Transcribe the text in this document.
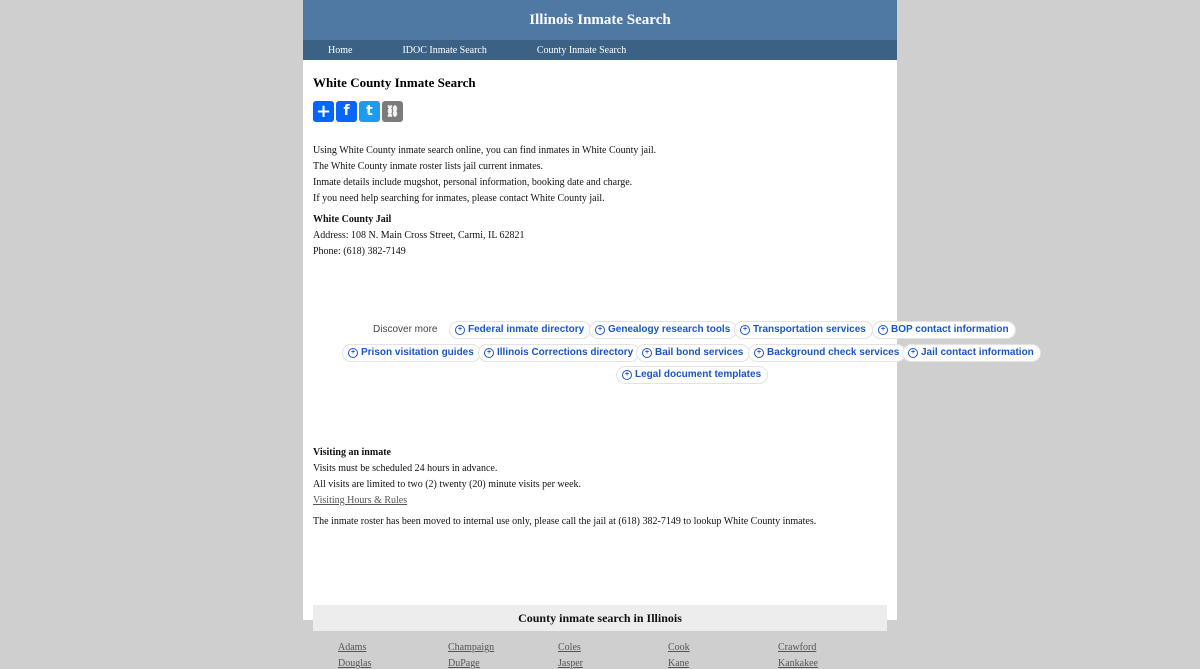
Illinois Inmate Search
Home	IDOC Inmate Search	County Inmate Search
White County Inmate Search
+ f	t	⛓
Using White County inmate search online, you can find inmates in White County jail.
The White County inmate roster lists jail current inmates.
Inmate details include mugshot, personal information, booking date and charge.
If you need help searching for inmates, please contact White County jail.
White County Jail
Address: 108 N. Main Cross Street, Carmi, IL 62821
Phone: (618) 382-7149
Visiting an inmate
Visits must be scheduled 24 hours in advance.
All visits are limited to two (2) twenty (20) minute visits per week.
Visiting Hours & Rules
The inmate roster has been moved to internal use only, please call the jail at (618) 382-7149 to lookup White County inmates.
County inmate search in Illinois
Adams	Champaign	Coles	Cook	Crawford
Douglas	DuPage	Jasper	Kane	Kankakee
Discover more	+ Federal inmate directory	+ Genealogy research tools	+ Transportation services	+ BOP contact information
+ Prison visitation guides	+ Illinois Corrections directory	+ Bail bond services	+ Background check services	+ Jail contact information
+ Legal document templates
